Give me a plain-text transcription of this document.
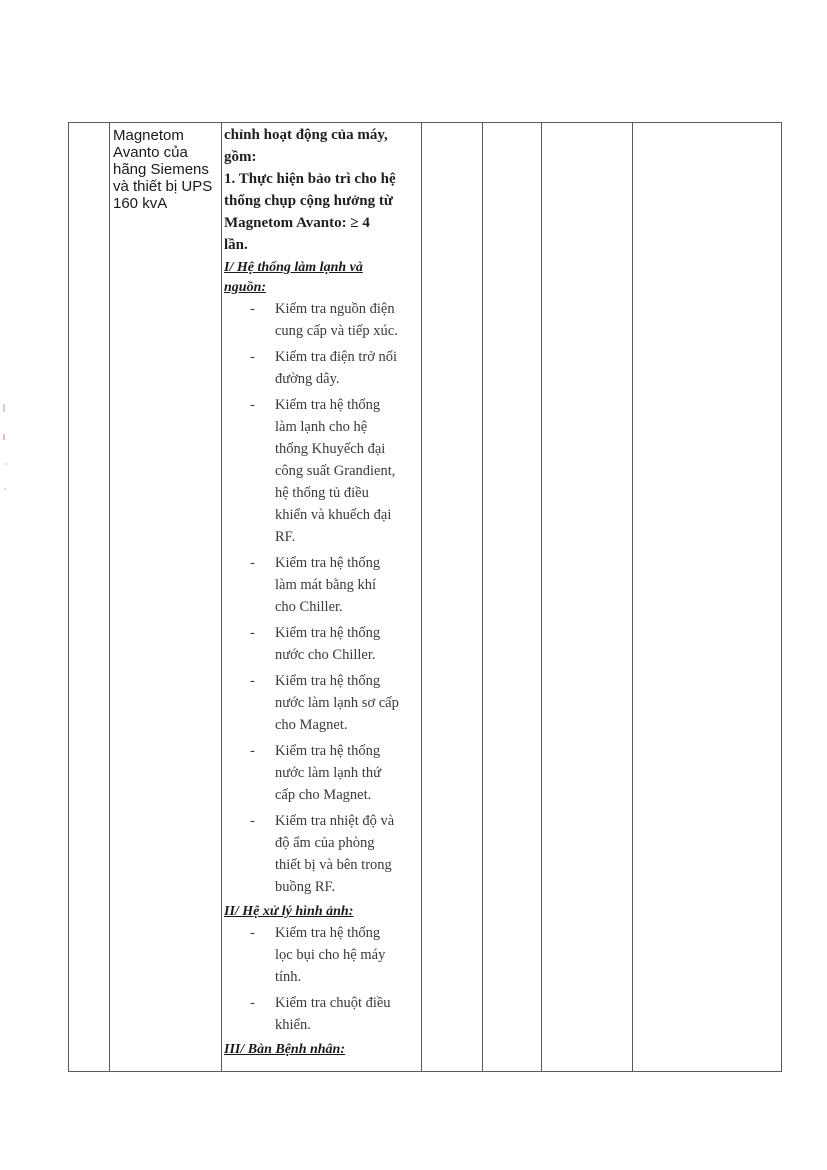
Magnetom
Avanto của
hãng Siemens
và thiết bị UPS
160 kvA

chỉnh hoạt động của máy,

gồm:

1. Thực hiện bảo trì cho hệ

thống chụp cộng hưởng từ

Magnetom Avanto: ≥ 4

lần.

I/ Hệ thống làm lạnh và

nguồn:

-	Kiểm tra nguồn điện
cung cấp và tiếp xúc.
-	Kiểm tra điện trở nối
đường dây.
-	Kiểm tra hệ thống
làm lạnh cho hệ
thống Khuyếch đại
công suất Grandient,
hệ thống tủ điều
khiển và khuếch đại
RF.
-	Kiểm tra hệ thống
làm mát bằng khí
cho Chiller.
-	Kiểm tra hệ thống
nước cho Chiller.
-	Kiểm tra hệ thống
nước làm lạnh sơ cấp
cho Magnet.
-	Kiểm tra hệ thống
nước làm lạnh thứ
cấp cho Magnet.
-	Kiểm tra nhiệt độ và
độ ẩm của phòng
thiết bị và bên trong
buồng RF.

II/ Hệ xử lý hình ảnh:

-	Kiểm tra hệ thống
lọc bụi cho hệ máy
tính.
-	Kiểm tra chuột điều
khiển.

III/ Bàn Bệnh nhân:
